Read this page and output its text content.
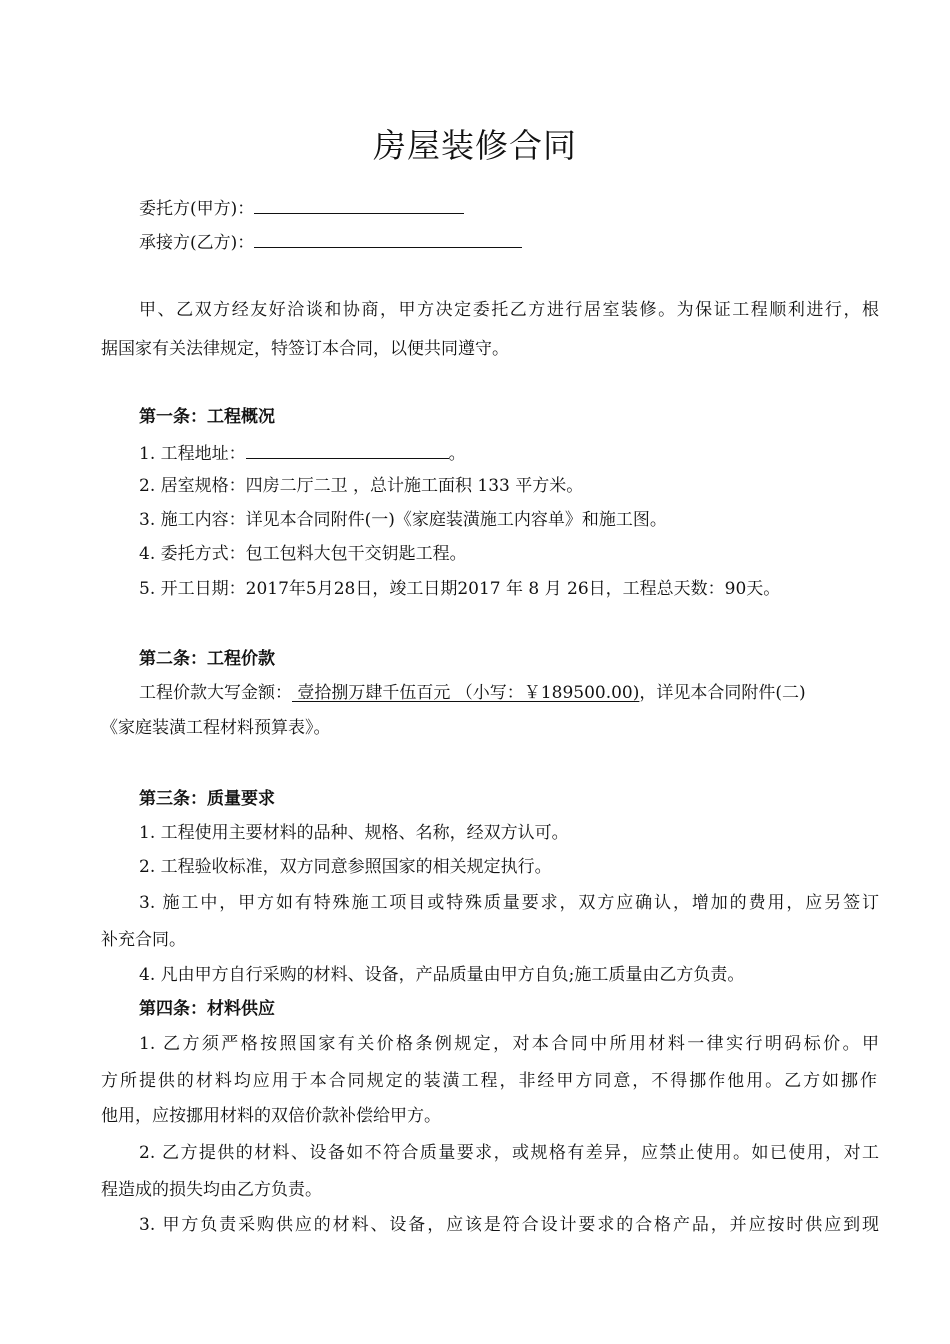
房屋装修合同
委托方(甲方)：
承接方(乙方)：
甲、乙双方经友好洽谈和协商，甲方决定委托乙方进行居室装修。为保证工程顺利进行，根
据国家有关法律规定，特签订本合同，以便共同遵守。
第一条：工程概况
1. 工程地址：	。
2. 居室规格：四房二厅二卫 ，总计施工面积 133 平方米。
3. 施工内容：详见本合同附件(一)《家庭装潢施工内容单》和施工图。
4. 委托方式：包工包料大包干交钥匙工程。
5. 开工日期：2017年5月28日，竣工日期2017 年 8 月 26日，工程总天数：90天。
第二条：工程价款
工程价款大写金额： 壹拾捌万肆千伍百元 （小写：￥189500.00)，详见本合同附件(二)
《家庭装潢工程材料预算表》。
第三条：质量要求
1. 工程使用主要材料的品种、规格、名称，经双方认可。
2. 工程验收标准，双方同意参照国家的相关规定执行。
3. 施工中，甲方如有特殊施工项目或特殊质量要求，双方应确认，增加的费用，应另签订
补充合同。
4. 凡由甲方自行采购的材料、设备，产品质量由甲方自负;施工质量由乙方负责。
第四条：材料供应
1. 乙方须严格按照国家有关价格条例规定，对本合同中所用材料一律实行明码标价。甲
方所提供的材料均应用于本合同规定的装潢工程，非经甲方同意，不得挪作他用。乙方如挪作
他用，应按挪用材料的双倍价款补偿给甲方。
2. 乙方提供的材料、设备如不符合质量要求，或规格有差异，应禁止使用。如已使用，对工
程造成的损失均由乙方负责。
3. 甲方负责采购供应的材料、设备，应该是符合设计要求的合格产品，并应按时供应到现
